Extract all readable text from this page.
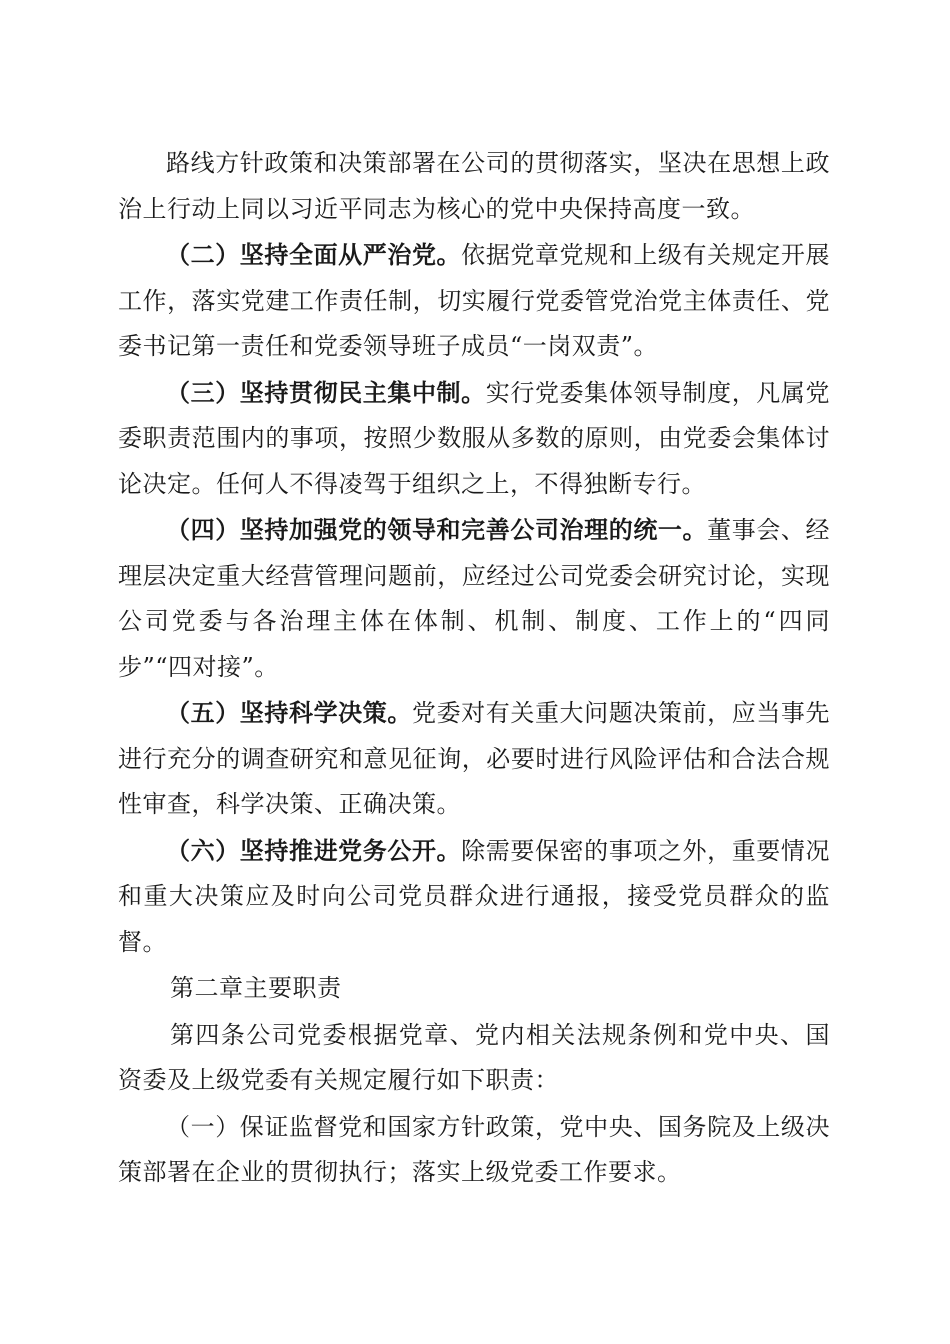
路线方针政策和决策部署在公司的贯彻落实，坚决在思想上政治上行动上同以习近平同志为核心的党中央保持高度一致。

（二）坚持全面从严治党。依据党章党规和上级有关规定开展工作，落实党建工作责任制，切实履行党委管党治党主体责任、党委书记第一责任和党委领导班子成员“一岗双责”。

（三）坚持贯彻民主集中制。实行党委集体领导制度，凡属党委职责范围内的事项，按照少数服从多数的原则，由党委会集体讨论决定。任何人不得凌驾于组织之上，不得独断专行。

（四）坚持加强党的领导和完善公司治理的统一。董事会、经理层决定重大经营管理问题前，应经过公司党委会研究讨论，实现公司党委与各治理主体在体制、机制、制度、工作上的“四同步”“四对接”。

（五）坚持科学决策。党委对有关重大问题决策前，应当事先进行充分的调查研究和意见征询，必要时进行风险评估和合法合规性审查，科学决策、正确决策。

（六）坚持推进党务公开。除需要保密的事项之外，重要情况和重大决策应及时向公司党员群众进行通报，接受党员群众的监督。

第二章主要职责

第四条公司党委根据党章、党内相关法规条例和党中央、国资委及上级党委有关规定履行如下职责：

（一）保证监督党和国家方针政策，党中央、国务院及上级决策部署在企业的贯彻执行；落实上级党委工作要求。
